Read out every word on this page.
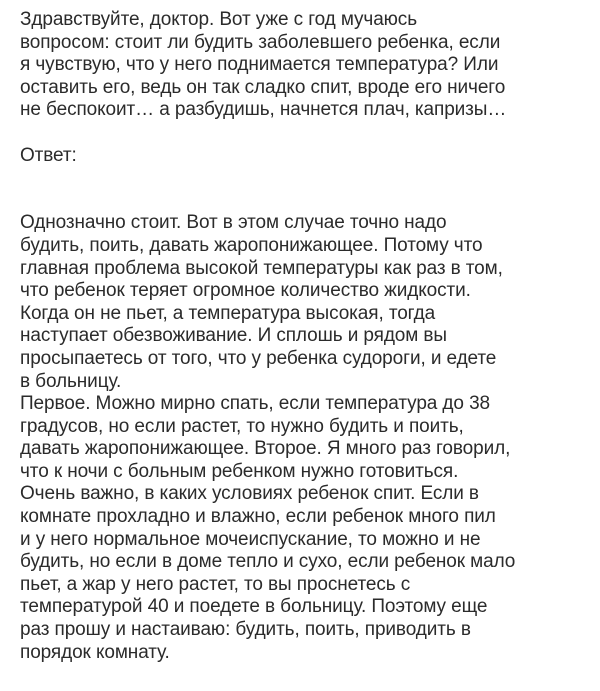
Здравствуйте, доктор. Вот уже с год мучаюсь
вопросом: стоит ли будить заболевшего ребенка, если
я чувствую, что у него поднимается температура? Или
оставить его, ведь он так сладко спит, вроде его ничего
не беспокоит… а разбудишь, начнется плач, капризы…
Ответ:
Однозначно стоит. Вот в этом случае точно надо
будить, поить, давать жаропонижающее. Потому что
главная проблема высокой температуры как раз в том,
что ребенок теряет огромное количество жидкости.
Когда он не пьет, а температура высокая, тогда
наступает обезвоживание. И сплошь и рядом вы
просыпаетесь от того, что у ребенка судороги, и едете
в больницу.
Первое. Можно мирно спать, если температура до 38
градусов, но если растет, то нужно будить и поить,
давать жаропонижающее. Второе. Я много раз говорил,
что к ночи с больным ребенком нужно готовиться.
Очень важно, в каких условиях ребенок спит. Если в
комнате прохладно и влажно, если ребенок много пил
и у него нормальное мочеиспускание, то можно и не
будить, но если в доме тепло и сухо, если ребенок мало
пьет, а жар у него растет, то вы проснетесь с
температурой 40 и поедете в больницу. Поэтому еще
раз прошу и настаиваю: будить, поить, приводить в
порядок комнату.
